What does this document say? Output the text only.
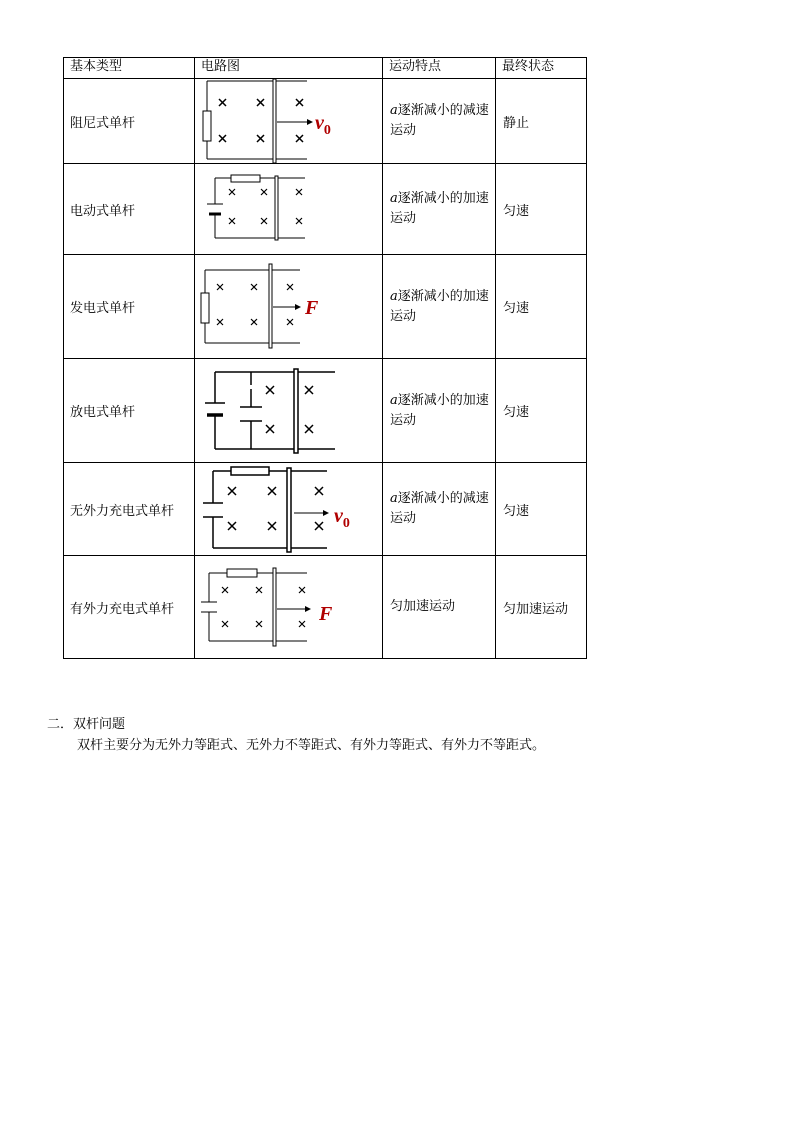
基本类型	电路图	运动特点	最终状态
阻尼式单杆	$v_0$	a逐渐减小的减速运动	静止
电动式单杆		a逐渐减小的加速运动	匀速
发电式单杆	F	a逐渐减小的加速运动	匀速
放电式单杆		a逐渐减小的加速运动	匀速
无外力充电式单杆	$v_0$	a逐渐减小的减速运动	匀速
有外力充电式单杆	F	匀加速运动	匀加速运动
二．双杆问题
双杆主要分为无外力等距式、无外力不等距式、有外力等距式、有外力不等距式。
